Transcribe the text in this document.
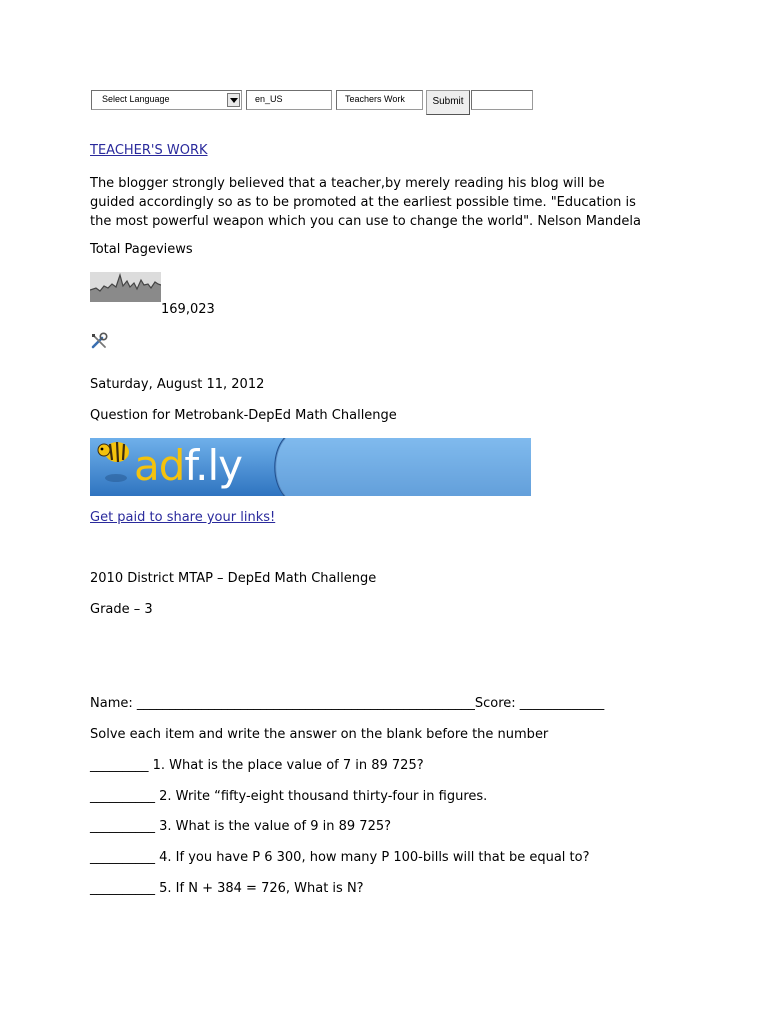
Select Language	en_US	Teachers Work	Submit
TEACHER'S WORK
The blogger strongly believed that a teacher,by merely reading his blog will be
guided accordingly so as to be promoted at the earliest possible time. "Education is
the most powerful weapon which you can use to change the world". Nelson Mandela
Total Pageviews
169,023
Saturday, August 11, 2012
Question for Metrobank-DepEd Math Challenge
adf.ly
Get paid to share your links!
2010 District MTAP – DepEd Math Challenge
Grade – 3
Name: ____________________________________________________Score: _____________
Solve each item and write the answer on the blank before the number
_________ 1. What is the place value of 7 in 89 725?
__________ 2. Write “fifty-eight thousand thirty-four in figures.
__________ 3. What is the value of 9 in 89 725?
__________ 4. If you have P 6 300, how many P 100-bills will that be equal to?
__________ 5. If N + 384 = 726, What is N?
